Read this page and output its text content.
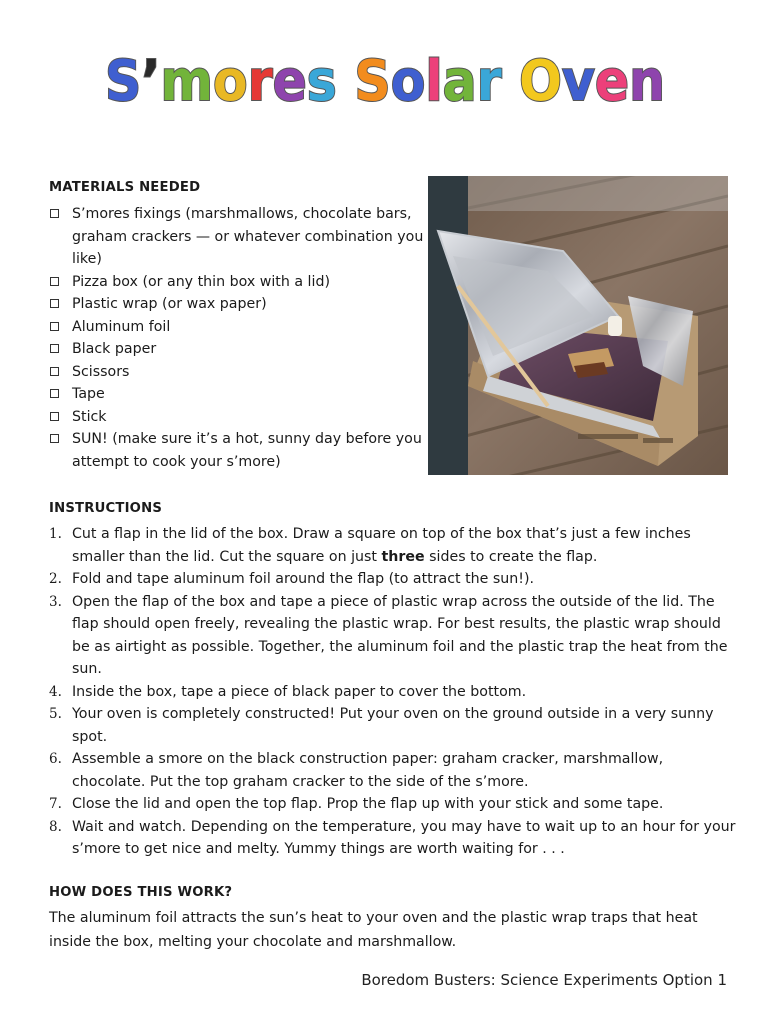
S’mores Solar Oven
MATERIALS NEEDED
S’mores fixings (marshmallows, chocolate bars, graham crackers — or whatever combination you like)
Pizza box (or any thin box with a lid)
Plastic wrap (or wax paper)
Aluminum foil
Black paper
Scissors
Tape
Stick
SUN! (make sure it’s a hot, sunny day before you attempt to cook your s’more)
INSTRUCTIONS
1. Cut a flap in the lid of the box. Draw a square on top of the box that’s just a few inches smaller than the lid. Cut the square on just three sides to create the flap.
2. Fold and tape aluminum foil around the flap (to attract the sun!).
3. Open the flap of the box and tape a piece of plastic wrap across the outside of the lid. The flap should open freely, revealing the plastic wrap. For best results, the plastic wrap should be as airtight as possible. Together, the aluminum foil and the plastic trap the heat from the sun.
4. Inside the box, tape a piece of black paper to cover the bottom.
5. Your oven is completely constructed! Put your oven on the ground outside in a very sunny spot.
6. Assemble a smore on the black construction paper: graham cracker, marshmallow, chocolate. Put the top graham cracker to the side of the s’more.
7. Close the lid and open the top flap. Prop the flap up with your stick and some tape.
8. Wait and watch. Depending on the temperature, you may have to wait up to an hour for your s’more to get nice and melty. Yummy things are worth waiting for . . .
HOW DOES THIS WORK?

The aluminum foil attracts the sun’s heat to your oven and the plastic wrap traps that heat inside the box, melting your chocolate and marshmallow.

Boredom Busters: Science Experiments Option 1
